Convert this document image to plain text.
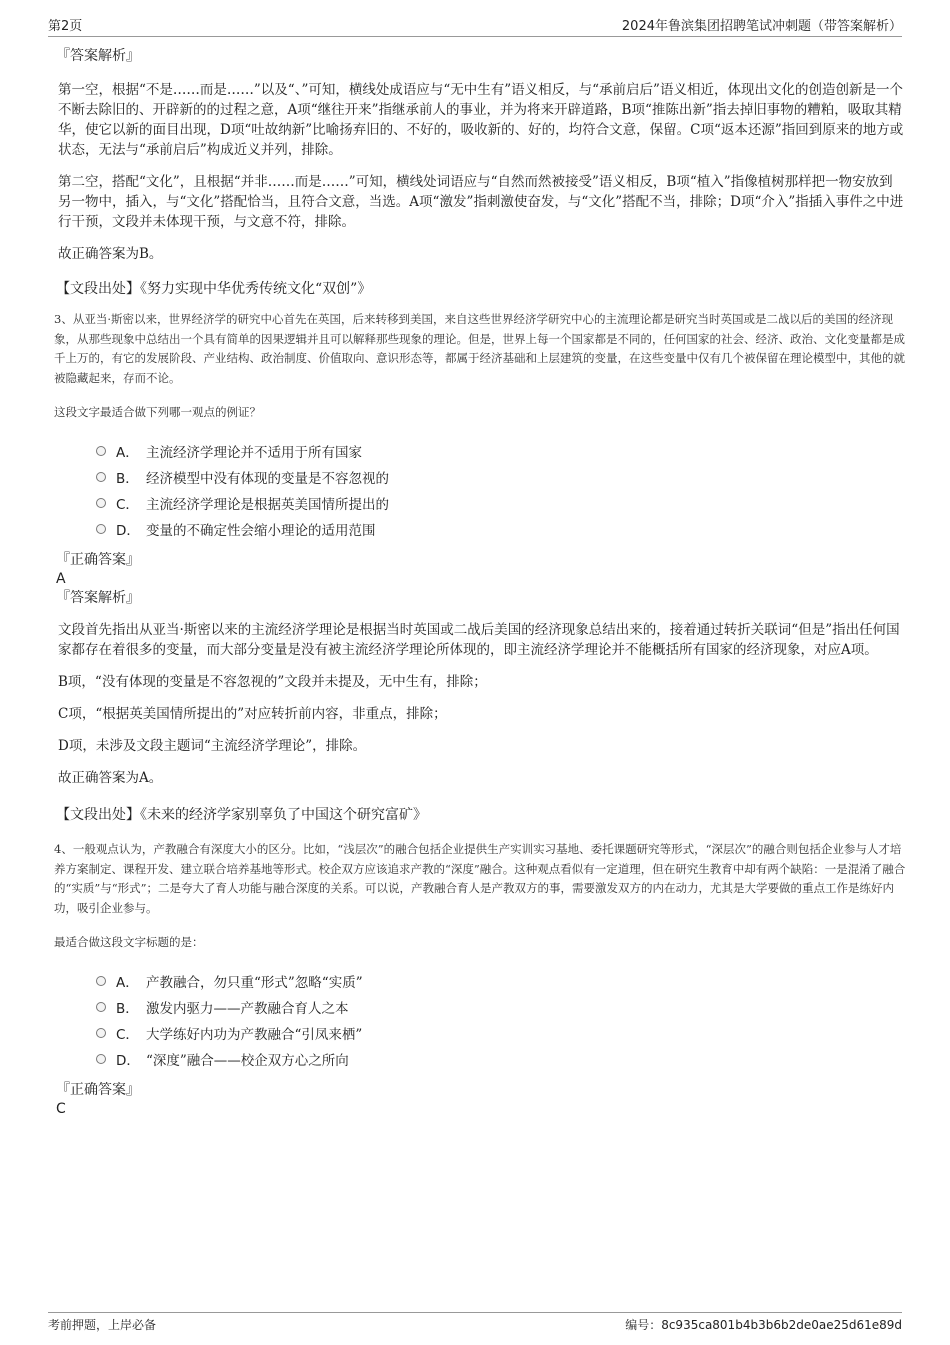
第2页	2024年鲁滨集团招聘笔试冲刺题（带答案解析）

『答案解析』

第一空，根据“不是……而是……”以及“、”可知，横线处成语应与“无中生有”语义相反，与“承前启后”语义相近，体现出文化的创造创新是一个不断去除旧的、开辟新的的过程之意，A项“继往开来”指继承前人的事业，并为将来开辟道路，B项“推陈出新”指去掉旧事物的糟粕，吸取其精华，使它以新的面目出现，D项“吐故纳新”比喻扬弃旧的、不好的，吸收新的、好的，均符合文意，保留。C项“返本还源”指回到原来的地方或状态，无法与“承前启后”构成近义并列，排除。

第二空，搭配“文化”，且根据“并非……而是……”可知，横线处词语应与“自然而然被接受”语义相反，B项“植入”指像植树那样把一物安放到另一物中，插入，与“文化”搭配恰当，且符合文意，当选。A项“激发”指刺激使奋发，与“文化”搭配不当，排除；D项“介入”指插入事件之中进行干预，文段并未体现干预，与文意不符，排除。

故正确答案为B。

【文段出处】《努力实现中华优秀传统文化“双创”》

3、从亚当·斯密以来，世界经济学的研究中心首先在英国，后来转移到美国，来自这些世界经济学研究中心的主流理论都是研究当时英国或是二战以后的美国的经济现象，从那些现象中总结出一个具有简单的因果逻辑并且可以解释那些现象的理论。但是，世界上每一个国家都是不同的，任何国家的社会、经济、政治、文化变量都是成千上万的，有它的发展阶段、产业结构、政治制度、价值取向、意识形态等，都属于经济基础和上层建筑的变量，在这些变量中仅有几个被保留在理论模型中，其他的就被隐藏起来，存而不论。

这段文字最适合做下列哪一观点的例证？

A． 主流经济学理论并不适用于所有国家
B． 经济模型中没有体现的变量是不容忽视的
C． 主流经济学理论是根据英美国情所提出的
D． 变量的不确定性会缩小理论的适用范围

『正确答案』

A

『答案解析』

文段首先指出从亚当·斯密以来的主流经济学理论是根据当时英国或二战后美国的经济现象总结出来的，接着通过转折关联词“但是”指出任何国家都存在着很多的变量，而大部分变量是没有被主流经济学理论所体现的，即主流经济学理论并不能概括所有国家的经济现象，对应A项。

B项，“没有体现的变量是不容忽视的”文段并未提及，无中生有，排除；

C项，“根据英美国情所提出的”对应转折前内容，非重点，排除；

D项，未涉及文段主题词“主流经济学理论”，排除。

故正确答案为A。

【文段出处】《未来的经济学家别辜负了中国这个研究富矿》

4、一般观点认为，产教融合有深度大小的区分。比如，“浅层次”的融合包括企业提供生产实训实习基地、委托课题研究等形式，“深层次”的融合则包括企业参与人才培养方案制定、课程开发、建立联合培养基地等形式。校企双方应该追求产教的“深度”融合。这种观点看似有一定道理，但在研究生教育中却有两个缺陷：一是混淆了融合的“实质”与“形式”；二是夸大了育人功能与融合深度的关系。可以说，产教融合育人是产教双方的事，需要激发双方的内在动力，尤其是大学要做的重点工作是练好内功，吸引企业参与。

最适合做这段文字标题的是：

A． 产教融合，勿只重“形式”忽略“实质”
B． 激发内驱力——产教融合育人之本
C． 大学练好内功为产教融合“引凤来栖”
D． “深度”融合——校企双方心之所向

『正确答案』

C

考前押题，上岸必备	编号：8c935ca801b4b3b6b2de0ae25d61e89d
